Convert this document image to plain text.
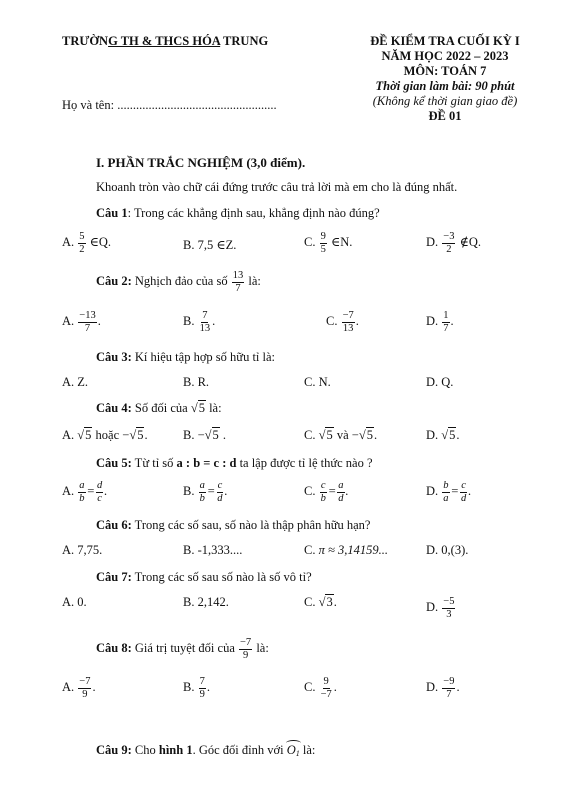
TRƯỜNG TH & THCS HÓA TRUNG	ĐỀ KIỂM TRA CUỐI KỲ I
NĂM HỌC 2022 – 2023
MÔN: TOÁN 7
Thời gian làm bài: 90 phút
(Không kể thời gian giao đề)
ĐỀ 01
Họ và tên: ...................................................
I. PHẦN TRẮC NGHIỆM (3,0 điểm).
Khoanh tròn vào chữ cái đứng trước câu trả lời mà em cho là đúng nhất.
Câu 1: Trong các khẳng định sau, khẳng định nào đúng?
A. $\frac{5}{2}$ ∈Q.	B. 7,5 ∈Z.	C. $\frac{9}{5}$ ∈N.	D. $\frac{-3}{2}$ ∉Q.
Câu 2: Nghịch đảo của số $\frac{13}{7}$ là:
A. $\frac{-13}{7}$ .	B. $\frac{7}{13}$ .	C. $\frac{-7}{13}$ .	D. $\frac{1}{7}$ .
Câu 3: Kí hiệu tập hợp số hữu tỉ là:
A. Z.	B. R.	C. N.	D. Q.
Câu 4: Số đối của √5 là:
A. √5 hoặc −√5.	B. −√5 .	C. √5 và −√5.	D. √5.
Câu 5: Từ tỉ số a : b = c : d ta lập được tỉ lệ thức nào ?
A. $\frac{a}{b} = \frac{d}{c}$ .	B. $\frac{a}{b} = \frac{c}{d}$ .	C. $\frac{c}{b} = \frac{a}{d}$ .	D. $\frac{b}{a} = \frac{c}{d}$ .
Câu 6: Trong các số sau, số nào là thập phân hữu hạn?
A. 7,75.	B. -1,333....	C. π ≈ 3,14159...	D. 0,(3).
Câu 7: Trong các số sau số nào là số vô tỉ?
A. 0.	B. 2,142.	C. √3.	D. $\frac{-5}{3}$
Câu 8: Giá trị tuyệt đối của $\frac{-7}{9}$ là:
A. $\frac{-7}{9}$ .	B. $\frac{7}{9}$ .	C. $\frac{9}{-7}$ .	D. $\frac{-9}{7}$ .
Câu 9: Cho hình 1. Góc đối đỉnh với $O_1$ là:
